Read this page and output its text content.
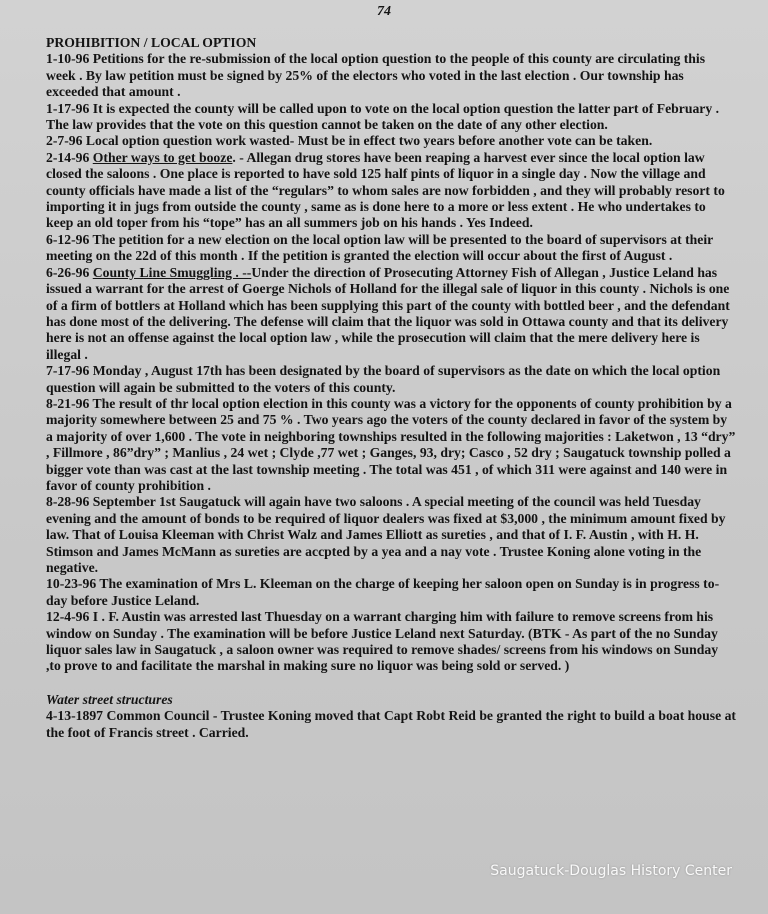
74
PROHIBITION / LOCAL OPTION
1-10-96 Petitions for the re-submission of the local option question to the people of this county are circulating this week . By law petition must be signed by 25% of the electors who voted in the last election . Our township has exceeded that amount .
1-17-96 It is expected the county will be called upon to vote on the local option question the latter part of February . The law provides that the vote on this question cannot be taken on the date of any other election.
2-7-96 Local option question work wasted- Must be in effect two years before another vote can be taken.
2-14-96 Other ways to get booze. - Allegan drug stores have been reaping a harvest ever since the local option law closed the saloons . One place is reported to have sold 125 half pints of liquor in a single day . Now the village and county officials have made a list of the “regulars” to whom sales are now forbidden , and they will probably resort to importing it in jugs from outside the county , same as is done here to a more or less extent . He who undertakes to keep an old toper from his “tope” has an all summers job on his hands . Yes Indeed.
6-12-96 The petition for a new election on the local option law will be presented to the board of supervisors at their meeting on the 22d of this month . If the petition is granted the election will occur about the first of August .
6-26-96 County Line Smuggling . --Under the direction of Prosecuting Attorney Fish of Allegan , Justice Leland has issued a warrant for the arrest of Goerge Nichols of Holland for the illegal sale of liquor in this county . Nichols is one of a firm of bottlers at Holland which has been supplying this part of the county with bottled beer , and the defendant has done most of the delivering. The defense will claim that the liquor was sold in Ottawa county and that its delivery here is not an offense against the local option law , while the prosecution will claim that the mere delivery here is illegal .
7-17-96 Monday , August 17th has been designated by the board of supervisors as the date on which the local option question will again be submitted to the voters of this county.
8-21-96 The result of thr local option election in this county was a victory for the opponents of county prohibition by a majority somewhere between 25 and 75 % . Two years ago the voters of the county declared in favor of the system by a majority of over 1,600 . The vote in neighboring townships resulted in the following majorities : Laketwon , 13 “dry” , Fillmore , 86”dry” ; Manlius , 24 wet ; Clyde ,77 wet ; Ganges, 93, dry; Casco , 52 dry ; Saugatuck township polled a bigger vote than was cast at the last township meeting . The total was 451 , of which 311 were against and 140 were in favor of county prohibition .
8-28-96 September 1st Saugatuck will again have two saloons . A special meeting of the council was held Tuesday evening and the amount of bonds to be required of liquor dealers was fixed at $3,000 , the minimum amount fixed by law. That of Louisa Kleeman with Christ Walz and James Elliott as sureties , and that of I. F. Austin , with H. H. Stimson and James McMann as sureties are accpted by a yea and a nay vote . Trustee Koning alone voting in the negative.
10-23-96 The examination of Mrs L. Kleeman on the charge of keeping her saloon open on Sunday is in progress to-day before Justice Leland.
12-4-96 I . F. Austin was arrested last Thuesday on a warrant charging him with failure to remove screens from his window on Sunday . The examination will be before Justice Leland next Saturday. (BTK - As part of the no Sunday liquor sales law in Saugatuck , a saloon owner was required to remove shades/ screens from his windows on Sunday ,to prove to and facilitate the marshal in making sure no liquor was being sold or served. )
Water street structures
4-13-1897 Common Council - Trustee Koning moved that Capt Robt Reid be granted the right to build a boat house at the foot of Francis street . Carried.
Saugatuck-Douglas History Center
